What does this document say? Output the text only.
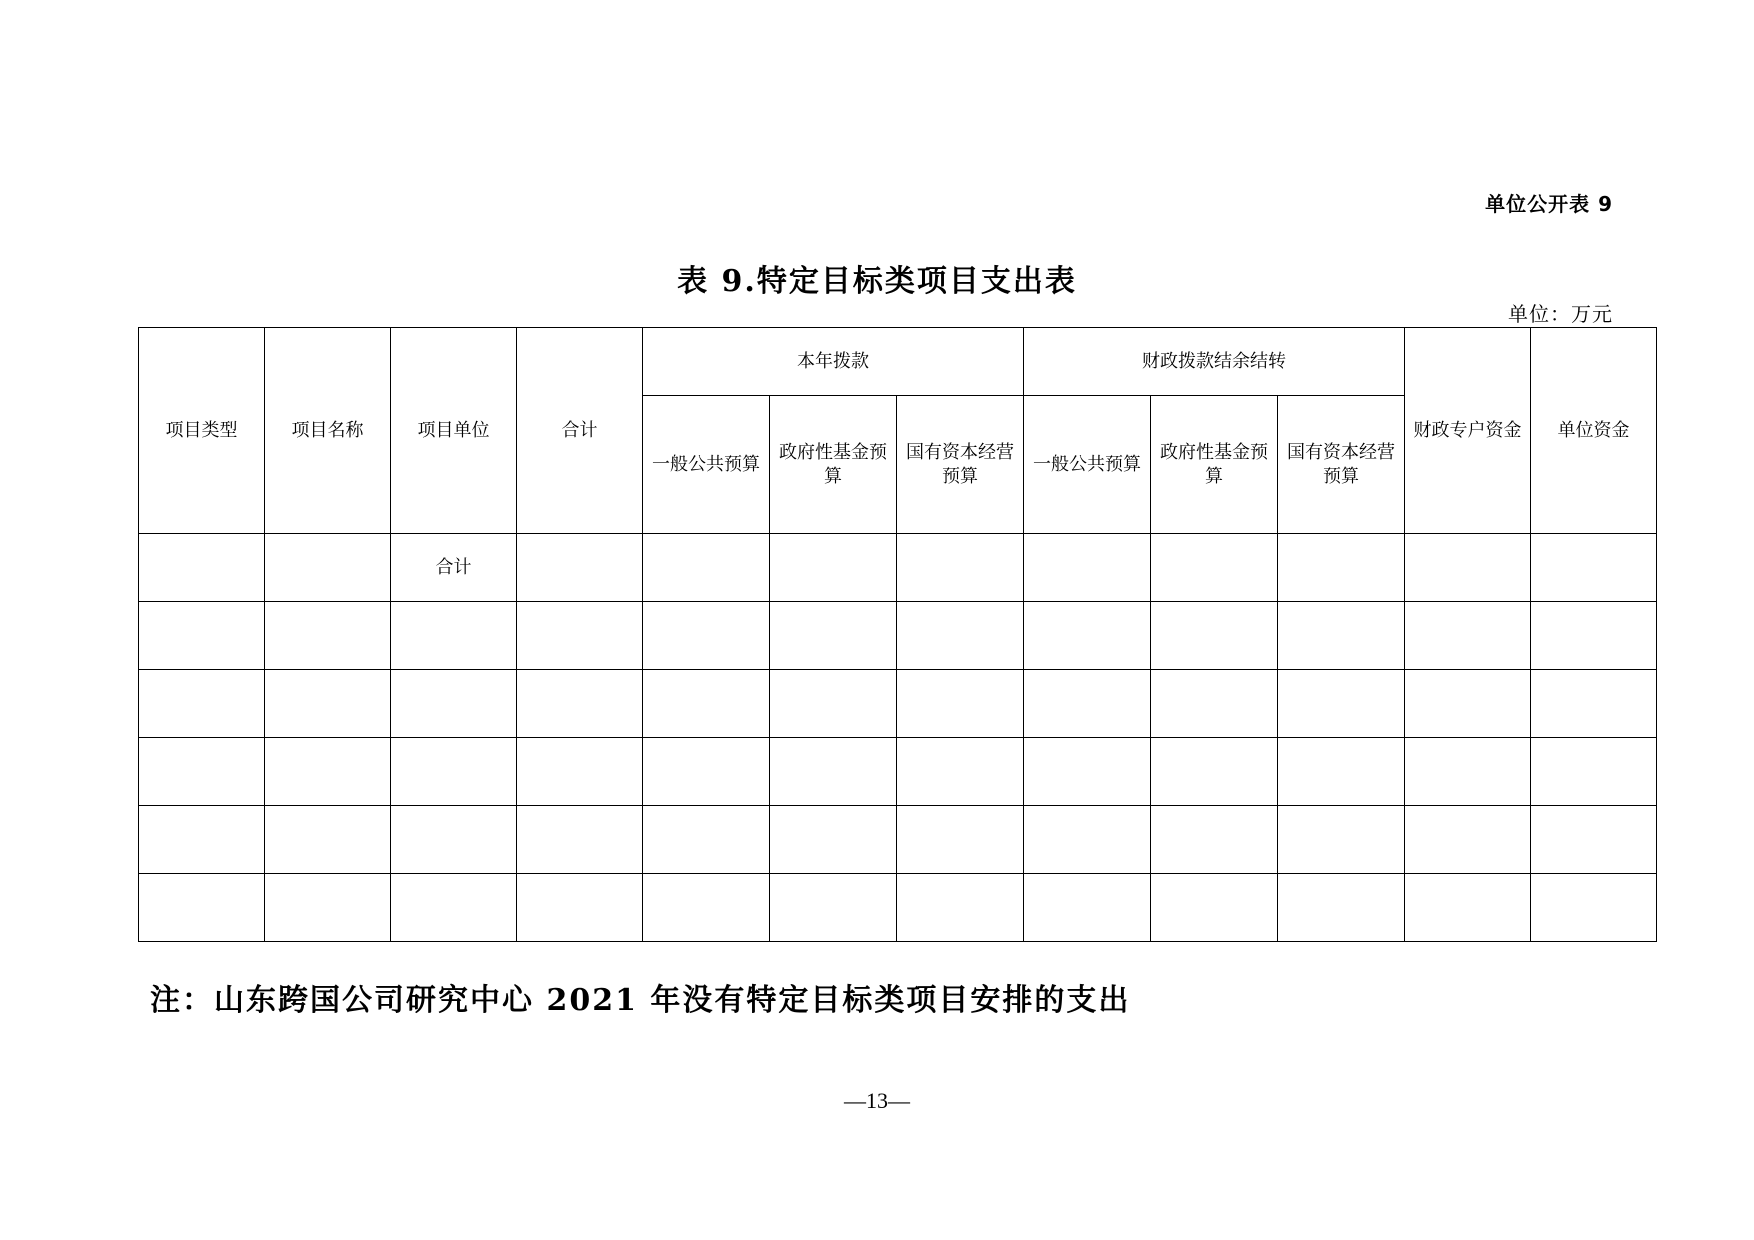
单位公开表 9
表 9.特定目标类项目支出表
单位：万元
项目类型	项目名称	项目单位	合计	本年拨款			财政拨款结余结转			财政专户资金	单位资金
				一般公共预算	政府性基金预算	国有资本经营预算	一般公共预算	政府性基金预算	国有资本经营预算		
		合计									

注：山东跨国公司研究中心 2021 年没有特定目标类项目安排的支出
—13—
